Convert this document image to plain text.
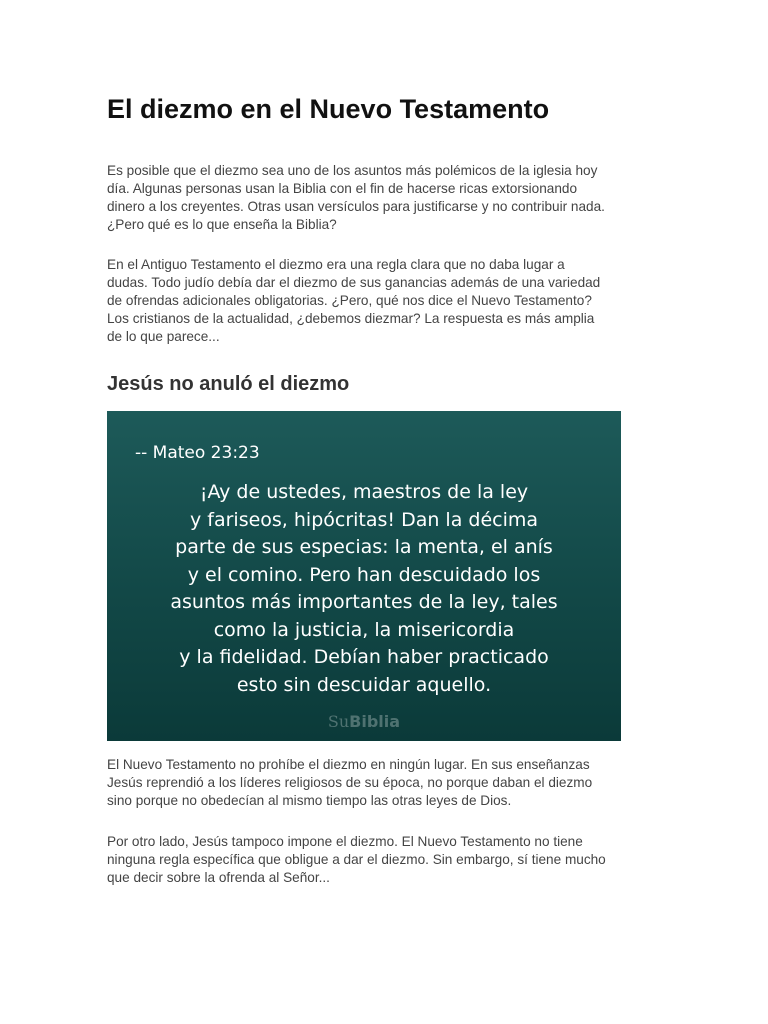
El diezmo en el Nuevo Testamento

Es posible que el diezmo sea uno de los asuntos más polémicos de la iglesia hoy
día. Algunas personas usan la Biblia con el fin de hacerse ricas extorsionando
dinero a los creyentes. Otras usan versículos para justificarse y no contribuir nada.
¿Pero qué es lo que enseña la Biblia?

En el Antiguo Testamento el diezmo era una regla clara que no daba lugar a
dudas. Todo judío debía dar el diezmo de sus ganancias además de una variedad
de ofrendas adicionales obligatorias. ¿Pero, qué nos dice el Nuevo Testamento?
Los cristianos de la actualidad, ¿debemos diezmar? La respuesta es más amplia
de lo que parece...

Jesús no anuló el diezmo
-- Mateo 23:23
¡Ay de ustedes, maestros de la ley
y fariseos, hipócritas! Dan la décima
parte de sus especias: la menta, el anís
y el comino. Pero han descuidado los
asuntos más importantes de la ley, tales
como la justicia, la misericordia
y la fidelidad. Debían haber practicado
esto sin descuidar aquello.
SuBiblia

El Nuevo Testamento no prohíbe el diezmo en ningún lugar. En sus enseñanzas
Jesús reprendió a los líderes religiosos de su época, no porque daban el diezmo
sino porque no obedecían al mismo tiempo las otras leyes de Dios.

Por otro lado, Jesús tampoco impone el diezmo. El Nuevo Testamento no tiene
ninguna regla específica que obligue a dar el diezmo. Sin embargo, sí tiene mucho
que decir sobre la ofrenda al Señor...
